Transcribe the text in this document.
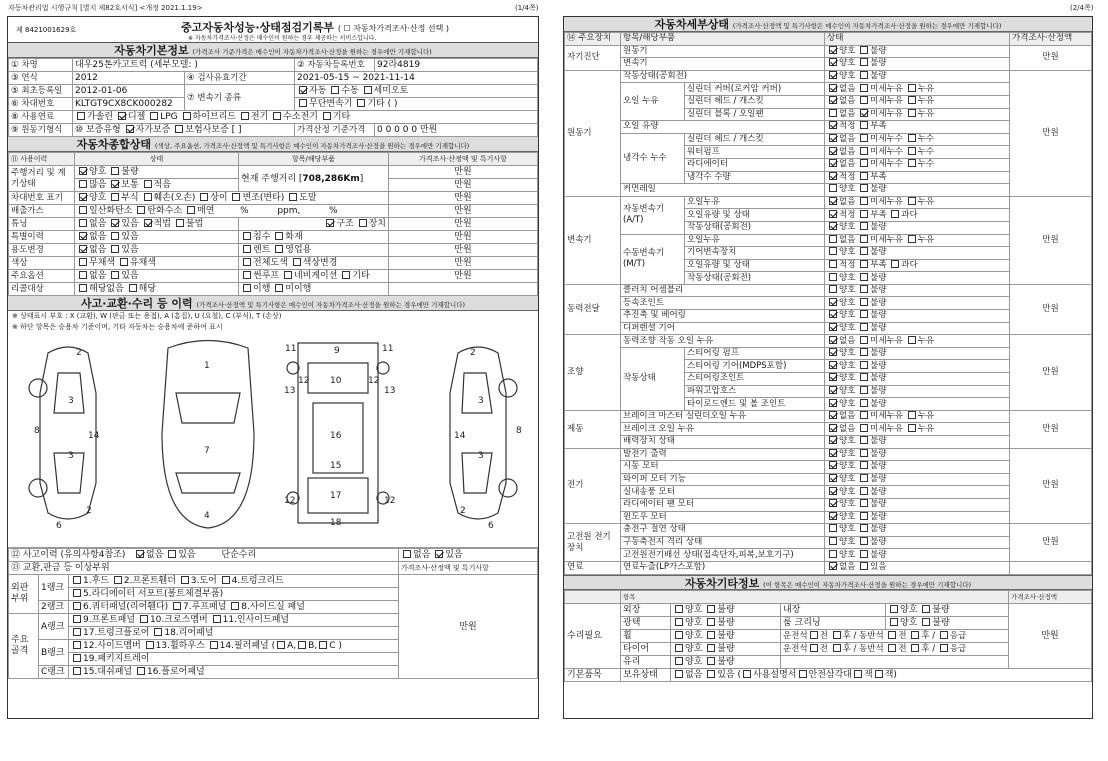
자동차관리법 시행규칙 [별지 제82호서식] <개정 2021.1.19>	(1/4쪽)	(2/4쪽)
제 8421001629호	중고자동차성능·상태점검기록부 ( ☐ 자동차가격조사·산정 선택 )
※ 자동차가격조사·산정은 매수인이 원하는 경우 제공하는 서비스입니다.
자동차기본정보 (가격조사 기준가격은 매수인이 자동차가격조사·산정을 원하는 경우에만 기재합니다)
① 차명	대우25톤카고트럭 (세부모델: )		② 자동차등록번호	92라4819
③ 연식	2012	④ 검사유효기간	2021-05-15 ~ 2021-11-14	
⑤ 최초등록일	2012-01-06	⑦ 변속기 종류	자동 수동 세미오토	
⑥ 차대번호	KLTGT9CX8CK000282		무단변속기 기타 ( )	
⑧ 사용연료	가솔린 디젤 LPG 하이브리드 전기 수소전기 기타			
⑨ 원동기형식	⑩ 보증유형 자가보증 보험사보증 [ ]		가격산정 기준가격	0 0 0 0 0 만원
자동차종합상태 (색상, 주요옵션, 가격조사·산정액 및 특기사항은 매수인이 자동차가격조사·산정을 원하는 경우에만 기재합니다)
⑪ 사용이력	상태	항목/해당부품	가격조사·산정액 및 특기사항
주행거리 및 계기상태	양호 불량	현재 주행거리 [708,286Km]	만원
	많음 보통 적음		만원
차대번호 표기	양호 부식 훼손(오손) 상이 변조(변타) 도말		만원
배출가스	일산화탄소 탄화수소 매연 % ppm, %		만원
튜닝	없음 있음 적법 불법	구조 장치	만원
특별이력	없음 있음	침수 화재	만원
용도변경	없음 있음	렌트 영업용	만원
색상	무채색 유채색	전체도색 색상변경	만원
주요옵션	없음 있음	썬루프 네비게이션 기타	만원
리콜대상	해당없음 해당	이행 미이행	
사고·교환·수리 등 이력 (가격조사·산정액 및 특기사항은 매수인이 자동차가격조사·산정을 원하는 경우에만 기재합니다)
※ 상태표시 부호 : X (교환), W (판금 또는 용접), A (흠집), U (요철), C (부식), T (손상)
※ 하단 항목은 승용차 기준이며, 기타 자동차는 승용차에 준하여 표시
2
3
8	14
3
2
6
1
7
4
11	11
9
12	12
10
13	13
16
15
17
12	12
18
2
3
8
14
3
2
6
⑫ 사고이력 (유의사항4참조) 없음 있음 단순수리			없음 있음
⑬ 교환,판금 등 이상부위			가격조사·산정액 및 특기사항
외판 부위	1랭크	1.후드 2.프론트휀더 3.도어 4.트렁크리드	만원
		5.라디에이터 서포트(볼트체결부품)	
	2랭크	6.쿼터패널(리어휀다) 7.루프패널 8.사이드실 패널	
주요 골격	A랭크	9.프론트패널 10.크로스멤버 11.인사이드패널	
		17.트렁크플로어 18.리어패널	
	B랭크	12.사이드멤버 13.휠하우스 14.필러패널 ( A, B, C )	
		19.패키지트레이	
	C랭크	15.대쉬패널 16.플로어패널	
자동차세부상태 (가격조사·산정액 및 특기사항은 매수인이 자동차가격조사·산정을 원하는 경우에만 기재합니다)
⑭ 주요장치	항목/해당부품		상태	가격조사·산정액
자기진단	원동기		양호 불량	만원
	변속기		양호 불량	
원동기	작동상태(공회전)		양호 불량	만원
	오일 누유	실린더 커버(로커암 커버)	없음 미세누유 누유	
		실린더 헤드 / 개스킷	없음 미세누유 누유	
		실린더 블록 / 오일팬	없음 미세누유 누유	
	오일 유량		적정 부족	
	냉각수 누수	실린더 헤드 / 개스킷	없음 미세누수 누수	
		워터펌프	없음 미세누수 누수	
		라디에이터	없음 미세누수 누수	
		냉각수 수량	적정 부족	
	커먼레일		양호 불량	
변속기	자동변속기 (A/T)	오일누유	없음 미세누유 누유	만원
		오일유량 및 상태	적정 부족 과다	
		작동상태(공회전)	양호 불량	
	수동변속기 (M/T)	오일누유	없음 미세누유 누유	
		기어변속장치	양호 불량	
		오일유량 및 상태	적정 부족 과다	
		작동상태(공회전)	양호 불량	
동력전달	클러치 어셈블리		양호 불량	만원
	등속조인트		양호 불량	
	추진축 및 베어링		양호 불량	
	디퍼렌셜 기어		양호 불량	
조향	동력조향 작동 오일 누유		없음 미세누유 누유	만원
	작동상태	스티어링 펌프	양호 불량	
		스티어링 기어(MDPS포함)	양호 불량	
		스티어링조인트	양호 불량	
		파워고압호스	양호 불량	
		타이로드엔드 및 볼 조인트	양호 불량	
제동	브레이크 마스터 실린더오일 누유		없음 미세누유 누유	만원
	브레이크 오일 누유		없음 미세누유 누유	
	배력장치 상태		양호 불량	
전기	발전기 출력		양호 불량	만원
	시동 모터		양호 불량	
	와이퍼 모터 기능		양호 불량	
	실내송풍 모터		양호 불량	
	라디에이터 팬 모터		양호 불량	
	윈도우 모터		양호 불량	
고전원 전기장치	충전구 절연 상태		양호 불량	만원
	구동축전지 격리 상태		양호 불량	
	고전원전기배선 상태(접속단자,피복,보호기구)		양호 불량	
연료	연료누출(LP가스포함)		없음 있음	
자동차기타정보 (이 항목은 매수인이 자동차가격조사·산정을 원하는 경우에만 기재합니다)
	항목				가격조사·산정액
수리필요	외장	양호 불량	내장	양호 불량	만원
	광택	양호 불량	룸 크리닝	양호 불량	
	휠	양호 불량	운전석 전 후 / 동반석 전 후 / 응급		
	타이어	양호 불량	운전석 전 후 / 동반석 전 후 / 응급		
	유리	양호 불량			
기본품목	보유상태	없음 있음 ( 사용설명서 안전삼각대 잭 잭)			
